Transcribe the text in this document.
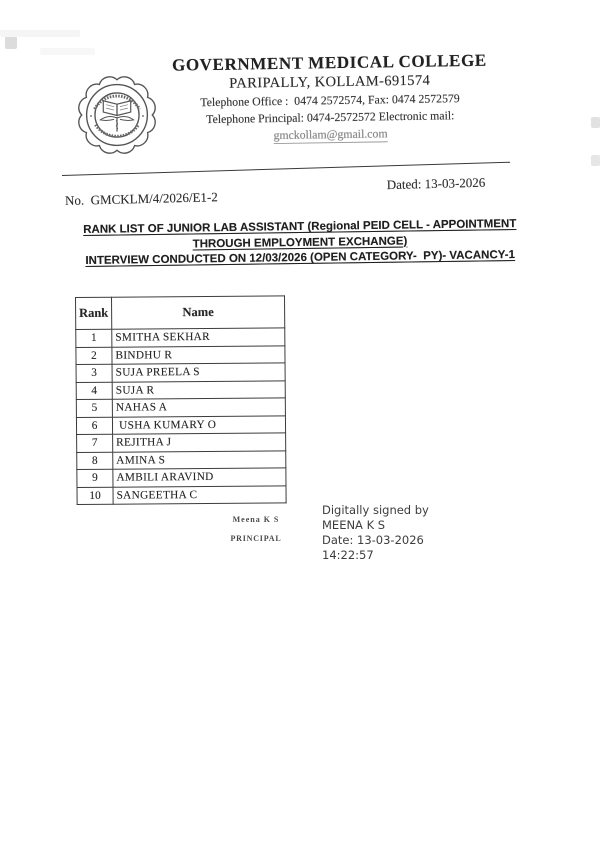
GOVERNMENT MEDICAL COLLEGE
PARIPALLY, KOLLAM-691574
Telephone Office :  0474 2572574, Fax: 0474 2572579
Telephone Principal: 0474-2572572 Electronic mail:
gmckollam@gmail.com
No.  GMCKLM/4/2026/E1-2
Dated: 13-03-2026
RANK LIST OF JUNIOR LAB ASSISTANT (Regional PEID CELL - APPOINTMENT
THROUGH EMPLOYMENT EXCHANGE)
INTERVIEW CONDUCTED ON 12/03/2026 (OPEN CATEGORY-  PY)- VACANCY-1
Rank	Name
1	SMITHA SEKHAR
2	BINDHU R
3	SUJA PREELA S
4	SUJA R
5	NAHAS A
6	USHA KUMARY O
7	REJITHA J
8	AMINA S
9	AMBILI ARAVIND
10	SANGEETHA C
Meena K S
PRINCIPAL
Digitally signed by
MEENA K S
Date: 13-03-2026
14:22:57
